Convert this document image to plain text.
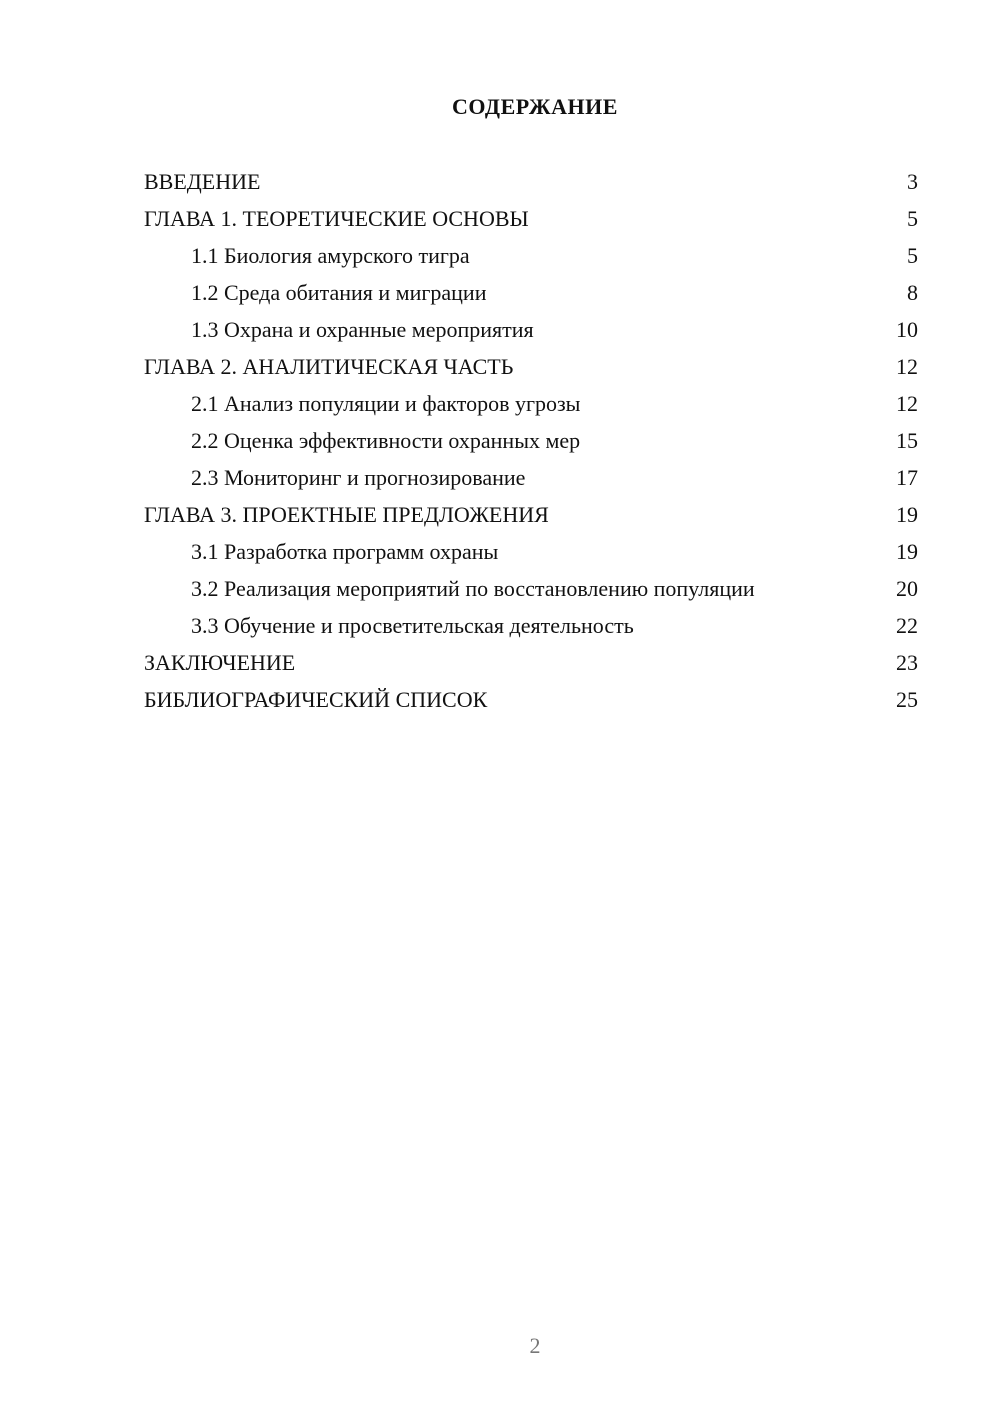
СОДЕРЖАНИЕ
ВВЕДЕНИЕ	3
ГЛАВА 1. ТЕОРЕТИЧЕСКИЕ ОСНОВЫ	5
1.1 Биология амурского тигра	5
1.2 Среда обитания и миграции	8
1.3 Охрана и охранные мероприятия	10
ГЛАВА 2. АНАЛИТИЧЕСКАЯ ЧАСТЬ	12
2.1 Анализ популяции и факторов угрозы	12
2.2 Оценка эффективности охранных мер	15
2.3 Мониторинг и прогнозирование	17
ГЛАВА 3. ПРОЕКТНЫЕ ПРЕДЛОЖЕНИЯ	19
3.1 Разработка программ охраны	19
3.2 Реализация мероприятий по восстановлению популяции	20
3.3 Обучение и просветительская деятельность	22
ЗАКЛЮЧЕНИЕ	23
БИБЛИОГРАФИЧЕСКИЙ СПИСОК	25
2
